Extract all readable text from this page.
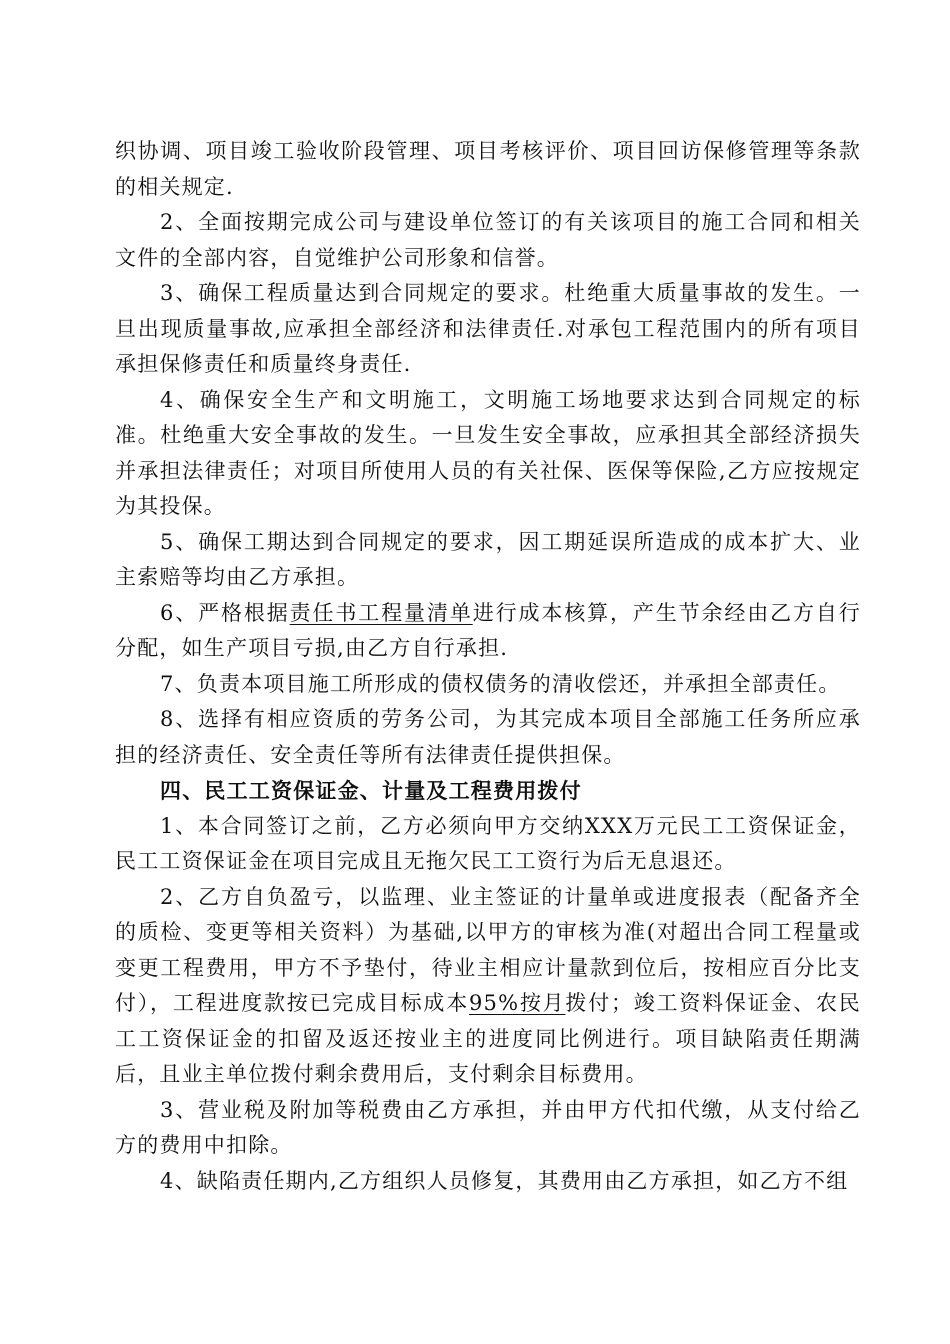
织协调、项目竣工验收阶段管理、项目考核评价、项目回访保修管理等条款的相关规定.

2、全面按期完成公司与建设单位签订的有关该项目的施工合同和相关文件的全部内容，自觉维护公司形象和信誉。

3、确保工程质量达到合同规定的要求。杜绝重大质量事故的发生。一旦出现质量事故,应承担全部经济和法律责任.对承包工程范围内的所有项目承担保修责任和质量终身责任.

4、确保安全生产和文明施工，文明施工场地要求达到合同规定的标准。杜绝重大安全事故的发生。一旦发生安全事故，应承担其全部经济损失并承担法律责任；对项目所使用人员的有关社保、医保等保险,乙方应按规定为其投保。

5、确保工期达到合同规定的要求，因工期延误所造成的成本扩大、业主索赔等均由乙方承担。

6、严格根据责任书工程量清单进行成本核算，产生节余经由乙方自行分配，如生产项目亏损,由乙方自行承担.

7、负责本项目施工所形成的债权债务的清收偿还，并承担全部责任。

8、选择有相应资质的劳务公司，为其完成本项目全部施工任务所应承担的经济责任、安全责任等所有法律责任提供担保。

四、民工工资保证金、计量及工程费用拨付

1、本合同签订之前，乙方必须向甲方交纳XXX万元民工工资保证金，民工工资保证金在项目完成且无拖欠民工工资行为后无息退还。

2、乙方自负盈亏，以监理、业主签证的计量单或进度报表（配备齐全的质检、变更等相关资料）为基础,以甲方的审核为准(对超出合同工程量或变更工程费用，甲方不予垫付，待业主相应计量款到位后，按相应百分比支付），工程进度款按已完成目标成本95%按月拨付；竣工资料保证金、农民工工资保证金的扣留及返还按业主的进度同比例进行。项目缺陷责任期满后，且业主单位拨付剩余费用后，支付剩余目标费用。

3、营业税及附加等税费由乙方承担，并由甲方代扣代缴，从支付给乙方的费用中扣除。

4、缺陷责任期内,乙方组织人员修复，其费用由乙方承担，如乙方不组
